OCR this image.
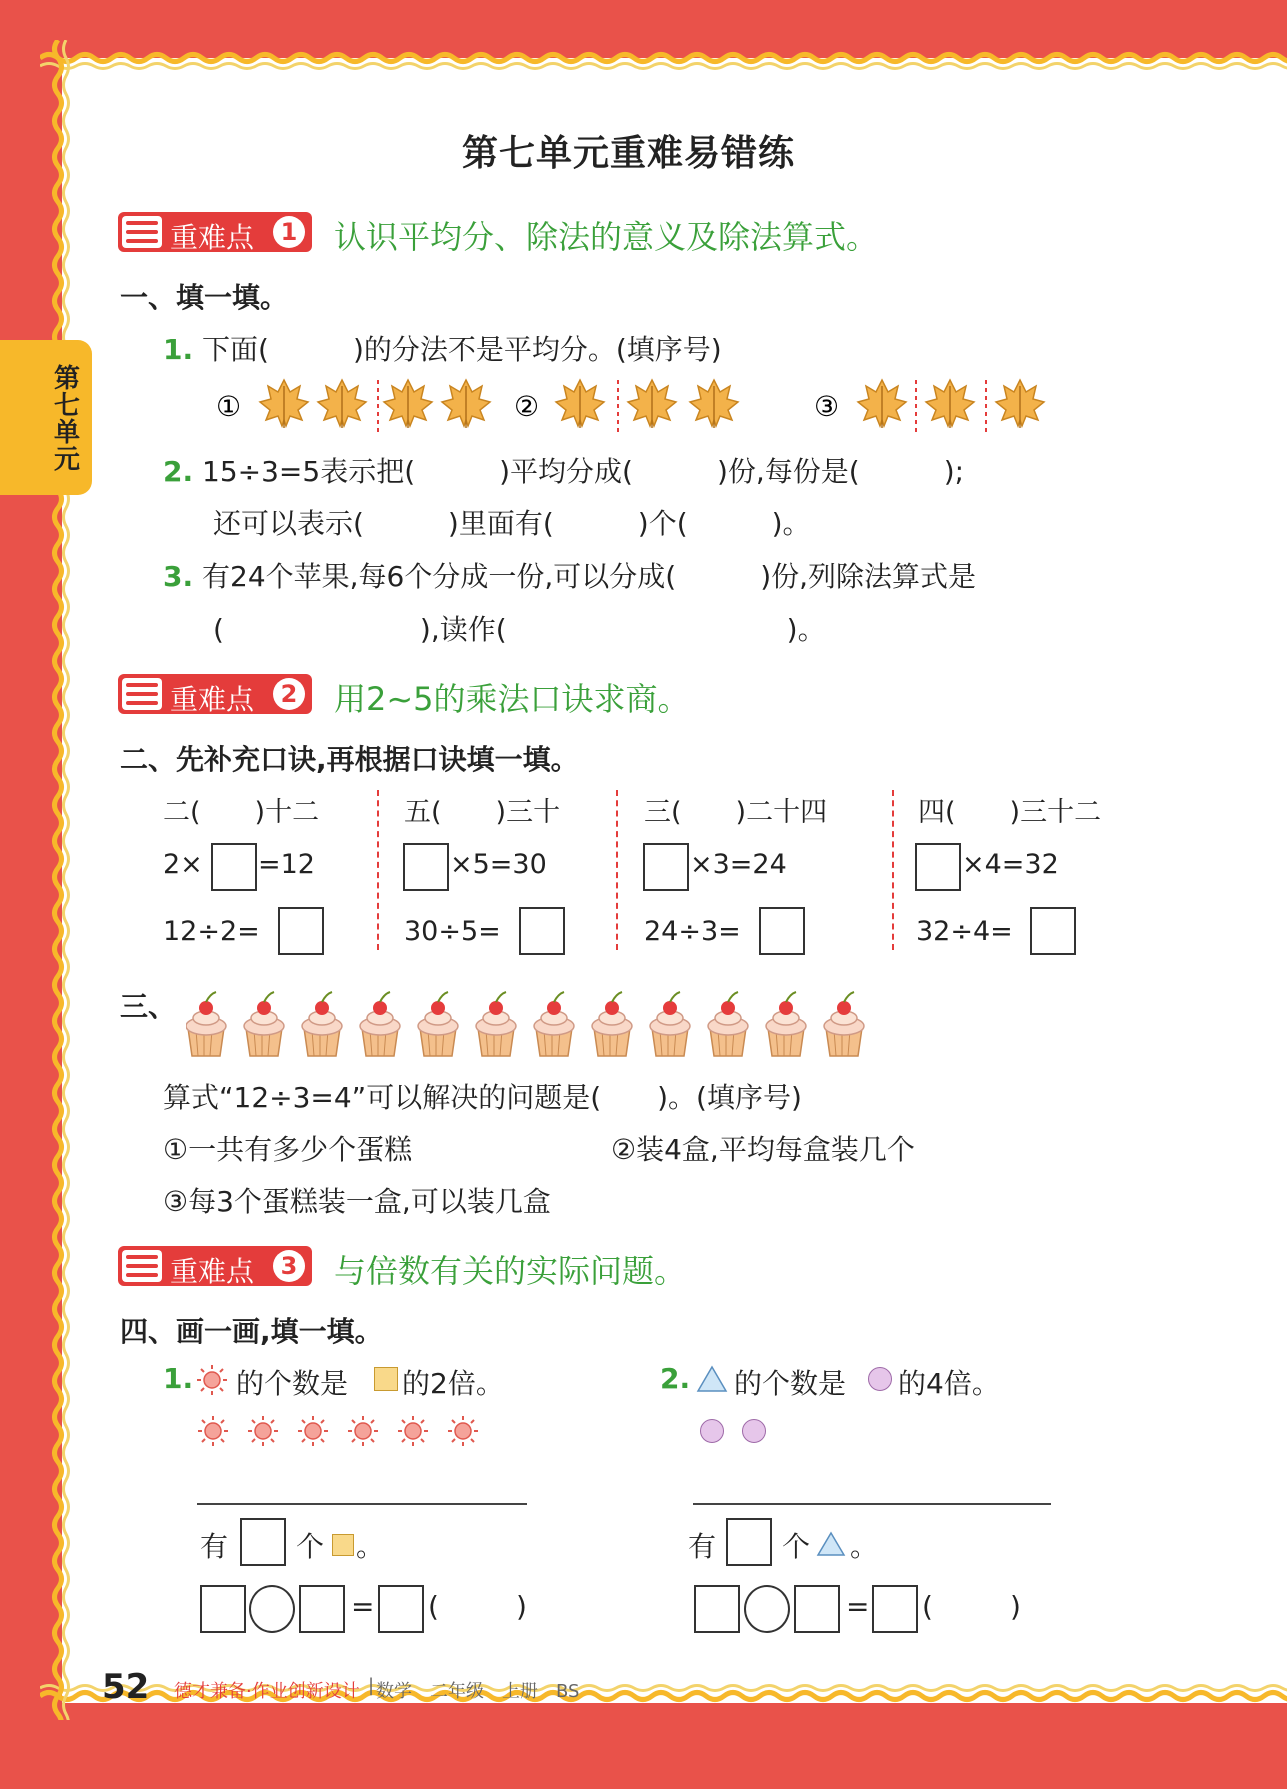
第七单元
第七单元重难易错练
重难点	1 认识平均分、除法的意义及除法算式。
一、填一填。
1. 下面(　　　)的分法不是平均分。(填序号)
①	②	③
2. 15÷3=5表示把(　　　)平均分成(　　　)份,每份是(　　　);
还可以表示(　　　)里面有(　　　)个(　　　)。
3. 有24个苹果,每6个分成一份,可以分成(　　　)份,列除法算式是
(　　　　　　　),读作(　　　　　　　　　　)。
重难点	2 用2~5的乘法口诀求商。
二、先补充口诀,再根据口诀填一填。
二(　　)十二
2× =12
12÷2=
五(　　)三十
×5=30
30÷5=
三(　　)二十四
×3=24
24÷3=
四(　　)三十二
×4=32
32÷4=
三、
算式“12÷3=4”可以解决的问题是(　　)。(填序号)
①一共有多少个蛋糕	②装4盒,平均每盒装几个
③每3个蛋糕装一盒,可以装几盒
重难点	3 与倍数有关的实际问题。
四、画一画,填一填。
1. 的个数是 的2倍。
有 个 。
= (	)
2. 的个数是 的4倍。
有 个 。
= (	)
52 德才兼备·作业创新设计 | 数学　二年级　上册　BS
